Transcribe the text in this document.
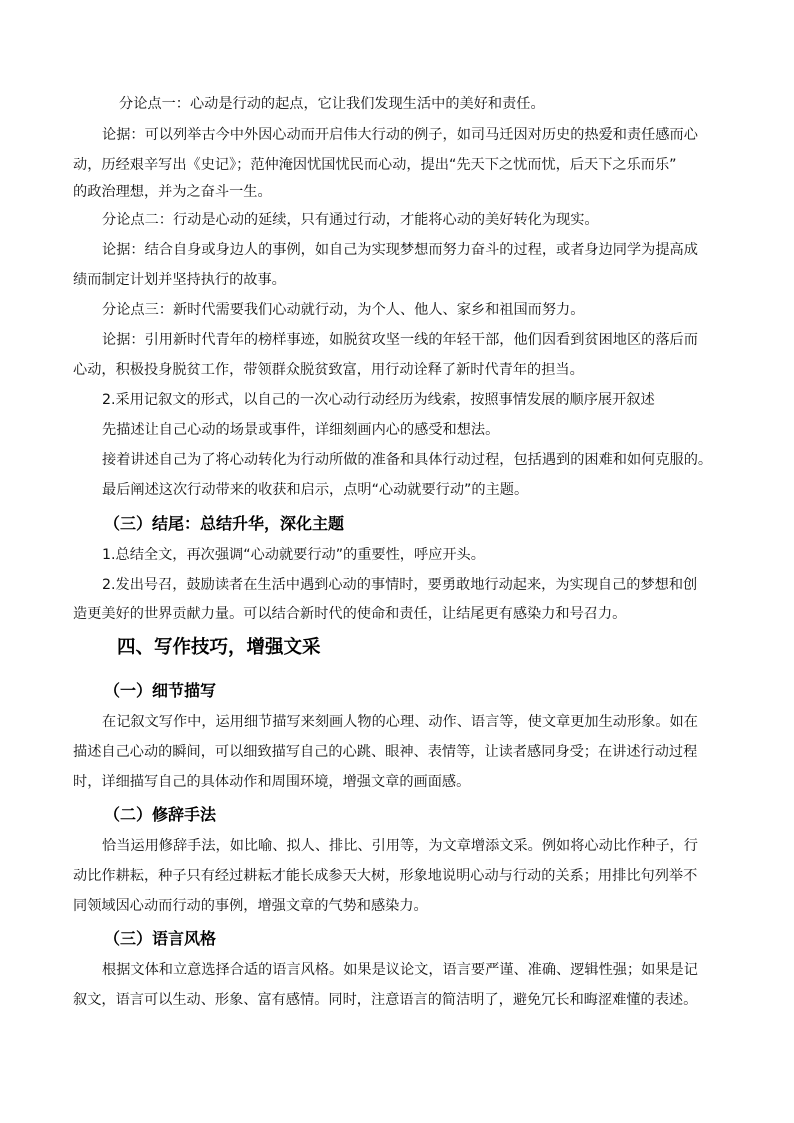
分论点一：心动是行动的起点，它让我们发现生活中的美好和责任。

论据：可以列举古今中外因心动而开启伟大行动的例子，如司马迁因对历史的热爱和责任感而心

动，历经艰辛写出《史记》；范仲淹因忧国忧民而心动，提出“先天下之忧而忧，后天下之乐而乐”

的政治理想，并为之奋斗一生。

分论点二：行动是心动的延续，只有通过行动，才能将心动的美好转化为现实。

论据：结合自身或身边人的事例，如自己为实现梦想而努力奋斗的过程，或者身边同学为提高成

绩而制定计划并坚持执行的故事。

分论点三：新时代需要我们心动就行动，为个人、他人、家乡和祖国而努力。

论据：引用新时代青年的榜样事迹，如脱贫攻坚一线的年轻干部，他们因看到贫困地区的落后而

心动，积极投身脱贫工作，带领群众脱贫致富，用行动诠释了新时代青年的担当。

2.采用记叙文的形式，以自己的一次心动行动经历为线索，按照事情发展的顺序展开叙述

先描述让自己心动的场景或事件，详细刻画内心的感受和想法。

接着讲述自己为了将心动转化为行动所做的准备和具体行动过程，包括遇到的困难和如何克服的。

最后阐述这次行动带来的收获和启示，点明“心动就要行动”的主题。

（三）结尾：总结升华，深化主题

1.总结全文，再次强调“心动就要行动”的重要性，呼应开头。

2.发出号召，鼓励读者在生活中遇到心动的事情时，要勇敢地行动起来，为实现自己的梦想和创

造更美好的世界贡献力量。可以结合新时代的使命和责任，让结尾更有感染力和号召力。

四、写作技巧，增强文采
（一）细节描写

在记叙文写作中，运用细节描写来刻画人物的心理、动作、语言等，使文章更加生动形象。如在

描述自己心动的瞬间，可以细致描写自己的心跳、眼神、表情等，让读者感同身受；在讲述行动过程

时，详细描写自己的具体动作和周围环境，增强文章的画面感。

（二）修辞手法

恰当运用修辞手法，如比喻、拟人、排比、引用等，为文章增添文采。例如将心动比作种子，行

动比作耕耘，种子只有经过耕耘才能长成参天大树，形象地说明心动与行动的关系；用排比句列举不

同领域因心动而行动的事例，增强文章的气势和感染力。

（三）语言风格

根据文体和立意选择合适的语言风格。如果是议论文，语言要严谨、准确、逻辑性强；如果是记

叙文，语言可以生动、形象、富有感情。同时，注意语言的简洁明了，避免冗长和晦涩难懂的表述。
